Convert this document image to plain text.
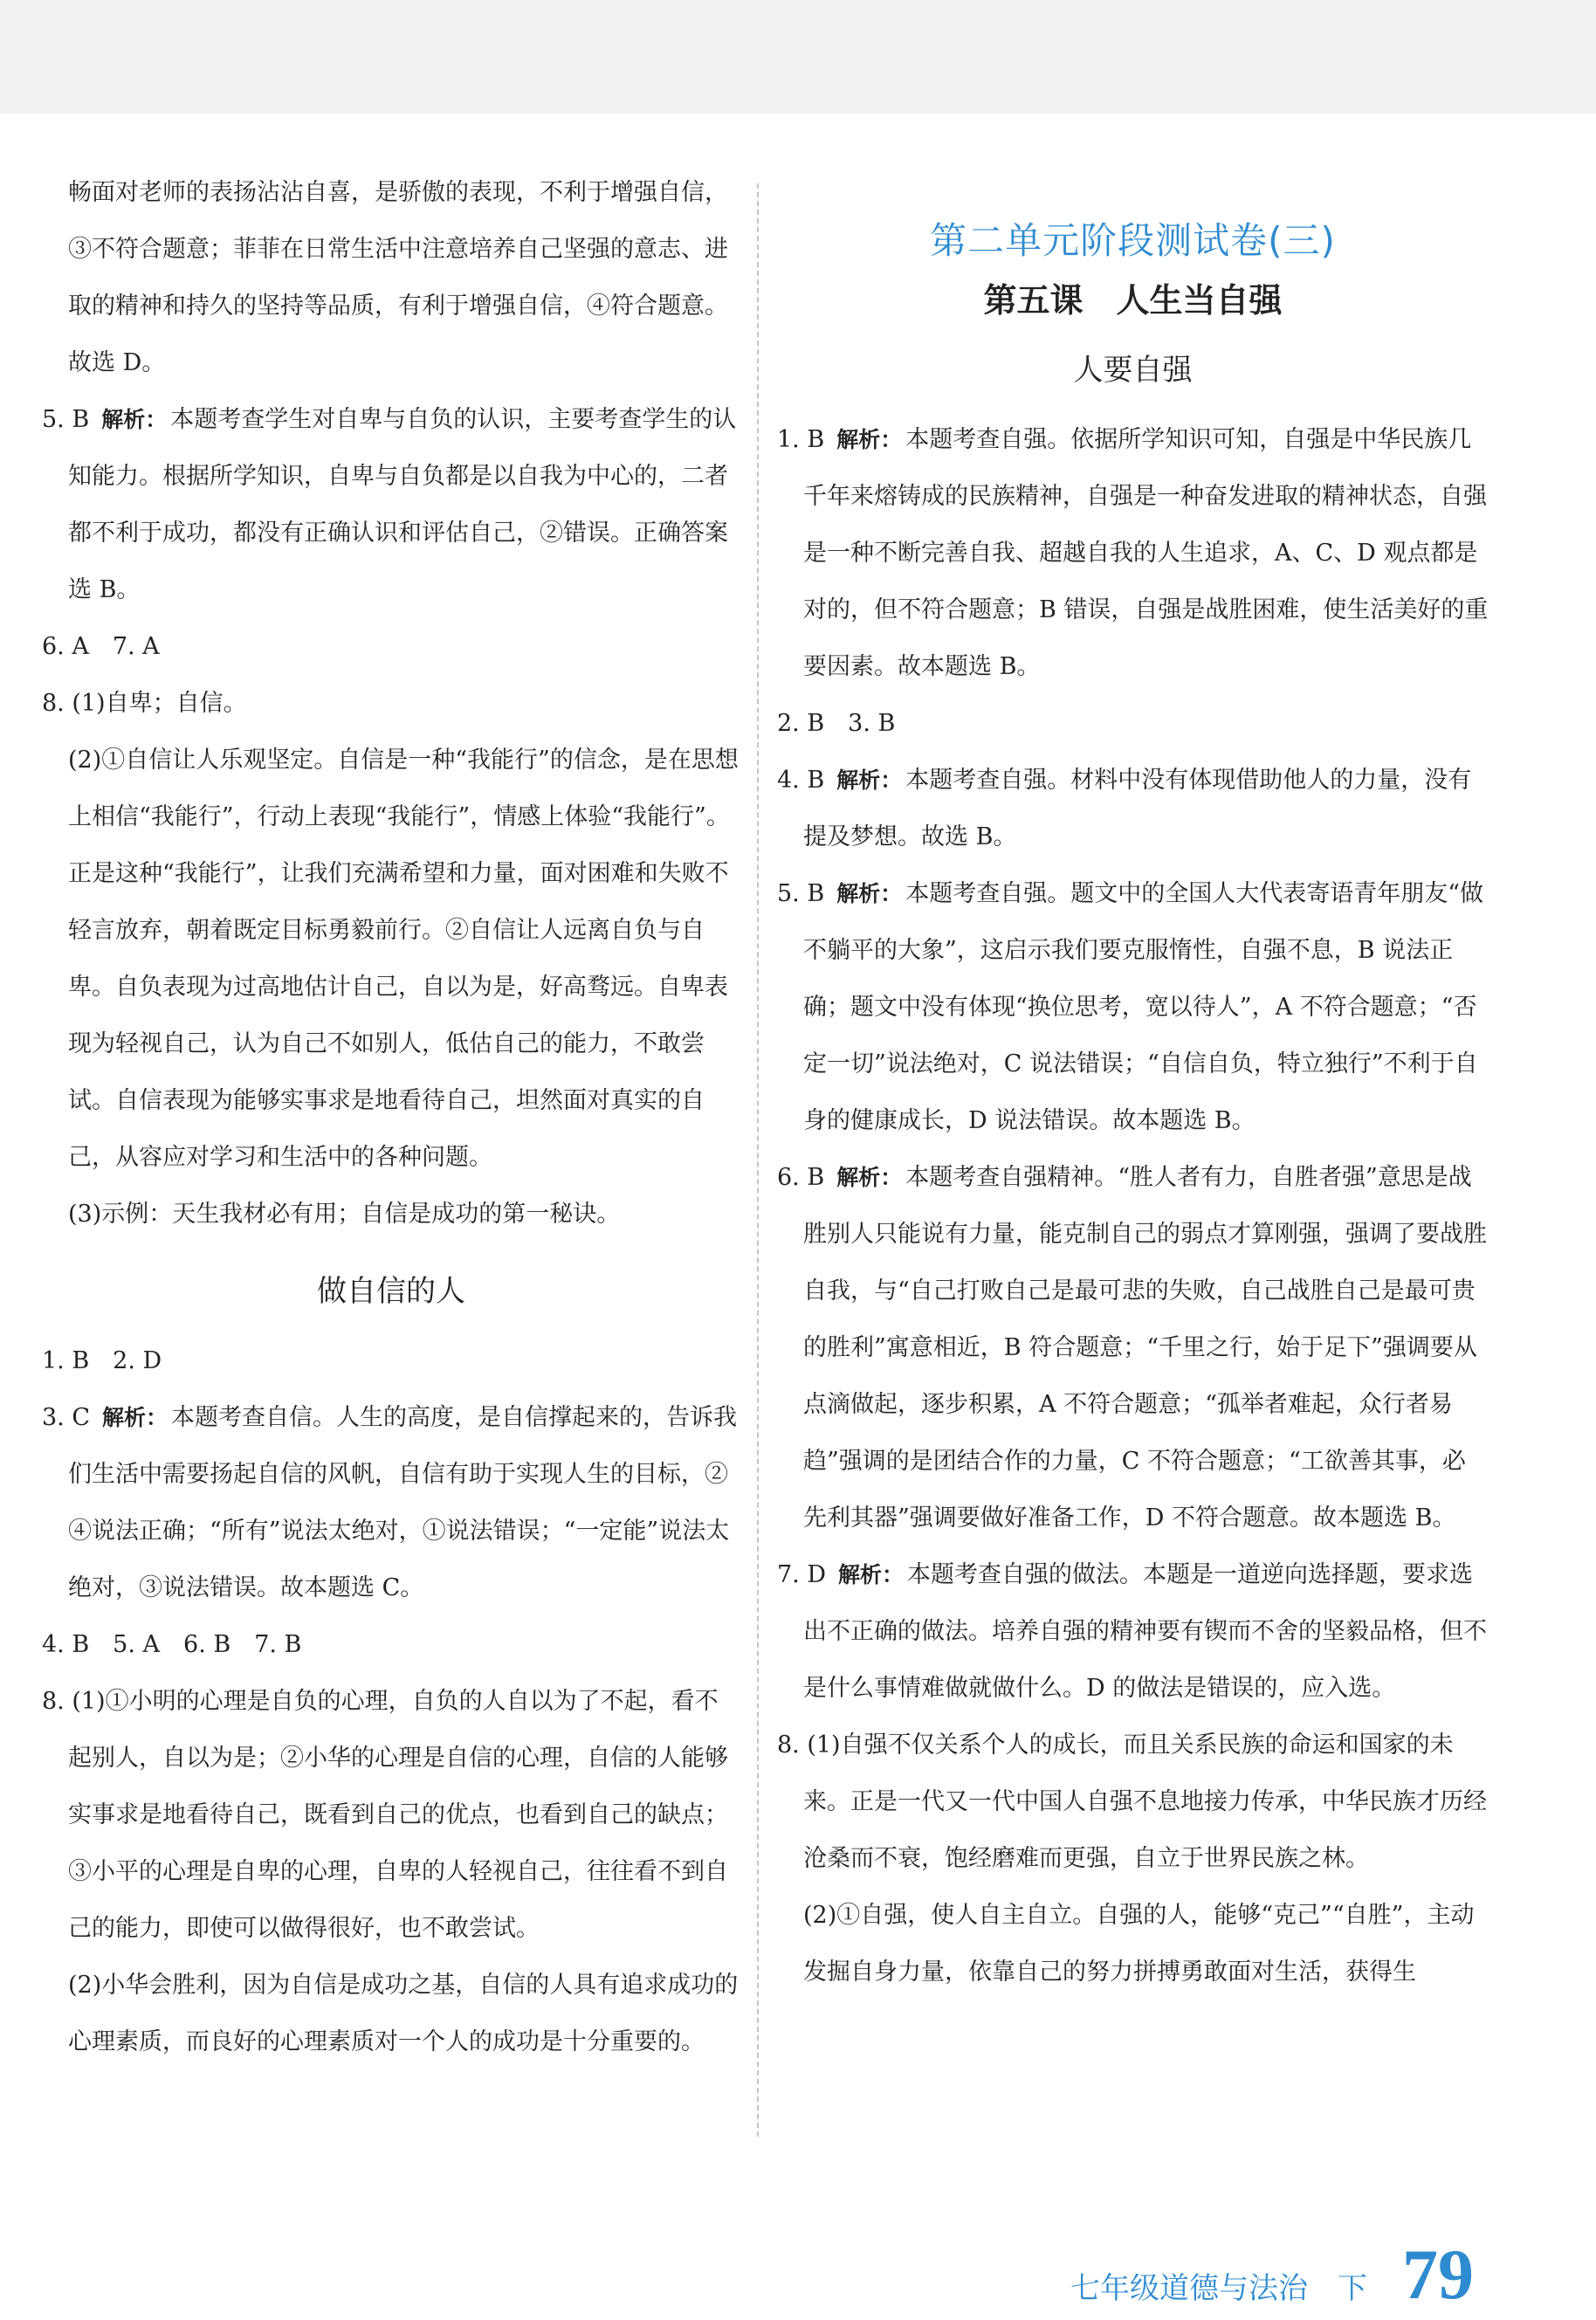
畅面对老师的表扬沾沾自喜，是骄傲的表现，不利于增强自信，③不符合题意；菲菲在日常生活中注意培养自己坚强的意志、进取的精神和持久的坚持等品质，有利于增强自信，④符合题意。故选 D。

5. B 解析： 本题考查学生对自卑与自负的认识，主要考查学生的认知能力。根据所学知识，自卑与自负都是以自我为中心的，二者都不利于成功，都没有正确认识和评估自己，②错误。正确答案选 B。

6. A　7. A

8. (1)自卑；自信。

(2)①自信让人乐观坚定。自信是一种“我能行”的信念，是在思想上相信“我能行”，行动上表现“我能行”，情感上体验“我能行”。正是这种“我能行”，让我们充满希望和力量，面对困难和失败不轻言放弃，朝着既定目标勇毅前行。②自信让人远离自负与自卑。自负表现为过高地估计自己，自以为是，好高骛远。自卑表现为轻视自己，认为自己不如别人，低估自己的能力，不敢尝试。自信表现为能够实事求是地看待自己，坦然面对真实的自己，从容应对学习和生活中的各种问题。

(3)示例：天生我材必有用；自信是成功的第一秘诀。

做自信的人

1. B　2. D

3. C 解析： 本题考查自信。人生的高度，是自信撑起来的，告诉我们生活中需要扬起自信的风帆，自信有助于实现人生的目标，②④说法正确；“所有”说法太绝对，①说法错误；“一定能”说法太绝对，③说法错误。故本题选 C。

4. B　5. A　6. B　7. B

8. (1)①小明的心理是自负的心理，自负的人自以为了不起，看不起别人，自以为是；②小华的心理是自信的心理，自信的人能够实事求是地看待自己，既看到自己的优点，也看到自己的缺点；③小平的心理是自卑的心理，自卑的人轻视自己，往往看不到自己的能力，即使可以做得很好，也不敢尝试。

(2)小华会胜利，因为自信是成功之基，自信的人具有追求成功的心理素质，而良好的心理素质对一个人的成功是十分重要的。

第二单元阶段测试卷(三)
第五课　人生当自强
人要自强

1. B 解析： 本题考查自强。依据所学知识可知，自强是中华民族几千年来熔铸成的民族精神，自强是一种奋发进取的精神状态，自强是一种不断完善自我、超越自我的人生追求，A、C、D 观点都是对的，但不符合题意；B 错误，自强是战胜困难，使生活美好的重要因素。故本题选 B。

2. B　3. B

4. B 解析： 本题考查自强。材料中没有体现借助他人的力量，没有提及梦想。故选 B。

5. B 解析： 本题考查自强。题文中的全国人大代表寄语青年朋友“做不躺平的大象”，这启示我们要克服惰性，自强不息，B 说法正确；题文中没有体现“换位思考，宽以待人”，A 不符合题意；“否定一切”说法绝对，C 说法错误；“自信自负，特立独行”不利于自身的健康成长，D 说法错误。故本题选 B。

6. B 解析： 本题考查自强精神。“胜人者有力，自胜者强”意思是战胜别人只能说有力量，能克制自己的弱点才算刚强，强调了要战胜自我，与“自己打败自己是最可悲的失败，自己战胜自己是最可贵的胜利”寓意相近，B 符合题意；“千里之行，始于足下”强调要从点滴做起，逐步积累，A 不符合题意；“孤举者难起，众行者易趋”强调的是团结合作的力量，C 不符合题意；“工欲善其事，必先利其器”强调要做好准备工作，D 不符合题意。故本题选 B。

7. D 解析： 本题考查自强的做法。本题是一道逆向选择题，要求选出不正确的做法。培养自强的精神要有锲而不舍的坚毅品格，但不是什么事情难做就做什么。D 的做法是错误的，应入选。

8. (1)自强不仅关系个人的成长，而且关系民族的命运和国家的未来。正是一代又一代中国人自强不息地接力传承，中华民族才历经沧桑而不衰，饱经磨难而更强，自立于世界民族之林。

(2)①自强，使人自主自立。自强的人，能够“克己”“自胜”，主动发掘自身力量，依靠自己的努力拼搏勇敢面对生活，获得生

七年级道德与法治　下 79
